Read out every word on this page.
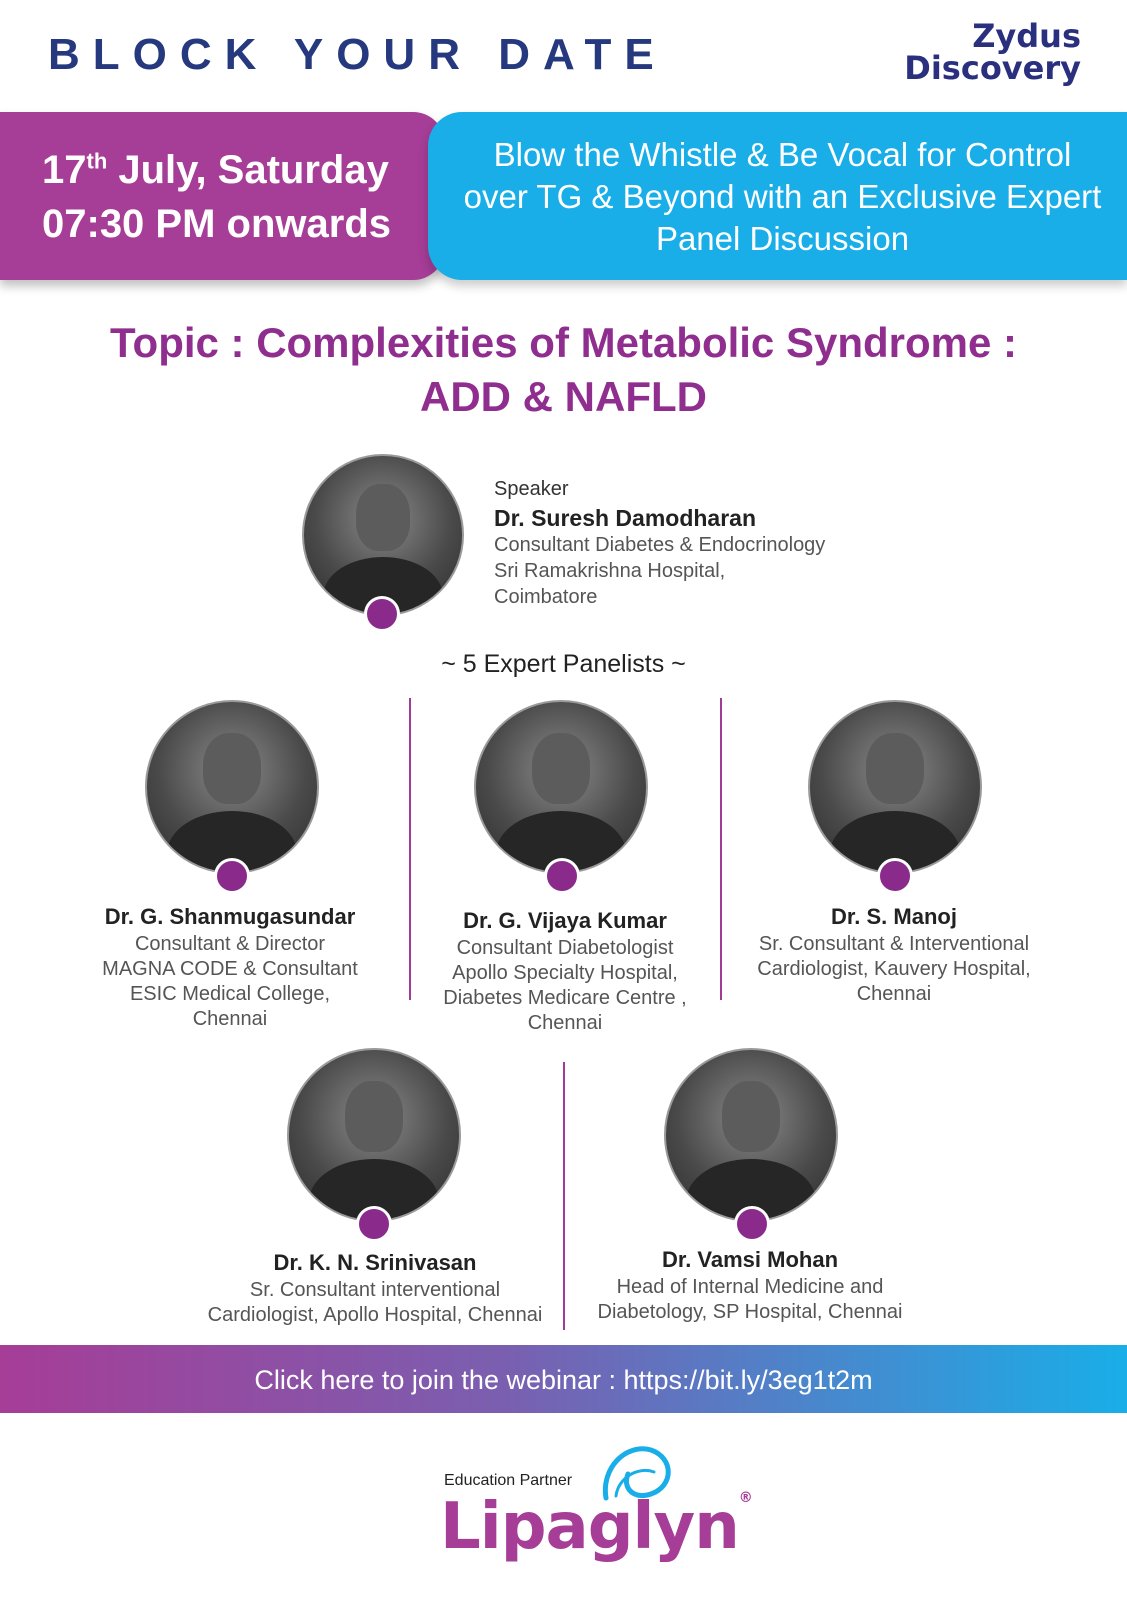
BLOCK YOUR DATE	Zydus
Discovery
17th July, Saturday
07:30 PM onwards
Blow the Whistle & Be Vocal for Control over TG & Beyond with an Exclusive Expert Panel Discussion
Topic : Complexities of Metabolic Syndrome :
ADD & NAFLD
Speaker
Dr. Suresh Damodharan
Consultant Diabetes & Endocrinology
Sri Ramakrishna Hospital,
Coimbatore
~ 5 Expert Panelists ~
Dr. G. Shanmugasundar
Consultant & Director
MAGNA CODE & Consultant
ESIC Medical College,
Chennai
Dr. G. Vijaya Kumar
Consultant Diabetologist
Apollo Specialty Hospital,
Diabetes Medicare Centre ,
Chennai
Dr. S. Manoj
Sr. Consultant & Interventional
Cardiologist, Kauvery Hospital,
Chennai
Dr. K. N. Srinivasan
Sr. Consultant interventional
Cardiologist, Apollo Hospital, Chennai
Dr. Vamsi Mohan
Head of Internal Medicine and
Diabetology, SP Hospital, Chennai
Click here to join the webinar : https://bit.ly/3eg1t2m
Education Partner
Lipaglyn®
